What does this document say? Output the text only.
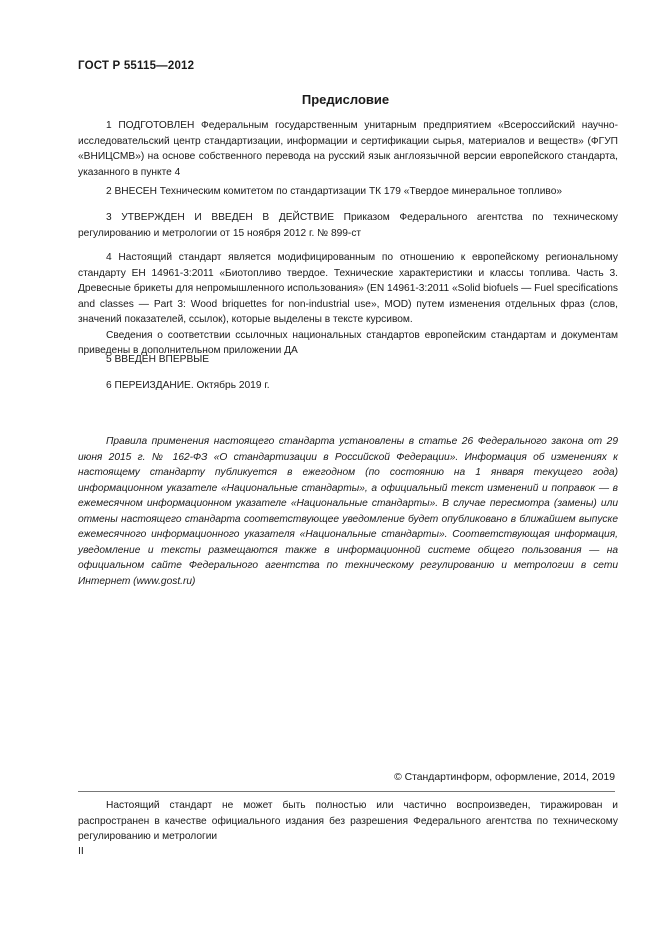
ГОСТ Р 55115—2012
Предисловие

1 ПОДГОТОВЛЕН Федеральным государственным унитарным предприятием «Всероссийский научно-исследовательский центр стандартизации, информации и сертификации сырья, материалов и веществ» (ФГУП «ВНИЦСМВ») на основе собственного перевода на русский язык англоязычной версии европейского стандарта, указанного в пункте 4

2 ВНЕСЕН Техническим комитетом по стандартизации ТК 179 «Твердое минеральное топливо»

3 УТВЕРЖДЕН И ВВЕДЕН В ДЕЙСТВИЕ Приказом Федерального агентства по техническому регулированию и метрологии от 15 ноября 2012 г. № 899-ст

4 Настоящий стандарт является модифицированным по отношению к европейскому региональному стандарту ЕН 14961-3:2011 «Биотопливо твердое. Технические характеристики и классы топлива. Часть 3. Древесные брикеты для непромышленного использования» (EN 14961-3:2011 «Solid biofuels — Fuel specifications and classes — Part 3: Wood briquettes for non-industrial use», MOD) путем изменения отдельных фраз (слов, значений показателей, ссылок), которые выделены в тексте курсивом.

Сведения о соответствии ссылочных национальных стандартов европейским стандартам и документам приведены в дополнительном приложении ДА

5 ВВЕДЕН ВПЕРВЫЕ

6 ПЕРЕИЗДАНИЕ. Октябрь 2019 г.

Правила применения настоящего стандарта установлены в статье 26 Федерального закона от 29 июня 2015 г. № 162-ФЗ «О стандартизации в Российской Федерации». Информация об изменениях к настоящему стандарту публикуется в ежегодном (по состоянию на 1 января текущего года) информационном указателе «Национальные стандарты», а официальный текст изменений и поправок — в ежемесячном информационном указателе «Национальные стандарты». В случае пересмотра (замены) или отмены настоящего стандарта соответствующее уведомление будет опубликовано в ближайшем выпуске ежемесячного информационного указателя «Национальные стандарты». Соответствующая информация, уведомление и тексты размещаются также в информационной системе общего пользования — на официальном сайте Федерального агентства по техническому регулированию и метрологии в сети Интернет (www.gost.ru)

© Стандартинформ, оформление, 2014, 2019

Настоящий стандарт не может быть полностью или частично воспроизведен, тиражирован и распространен в качестве официального издания без разрешения Федерального агентства по техническому регулированию и метрологии

II
